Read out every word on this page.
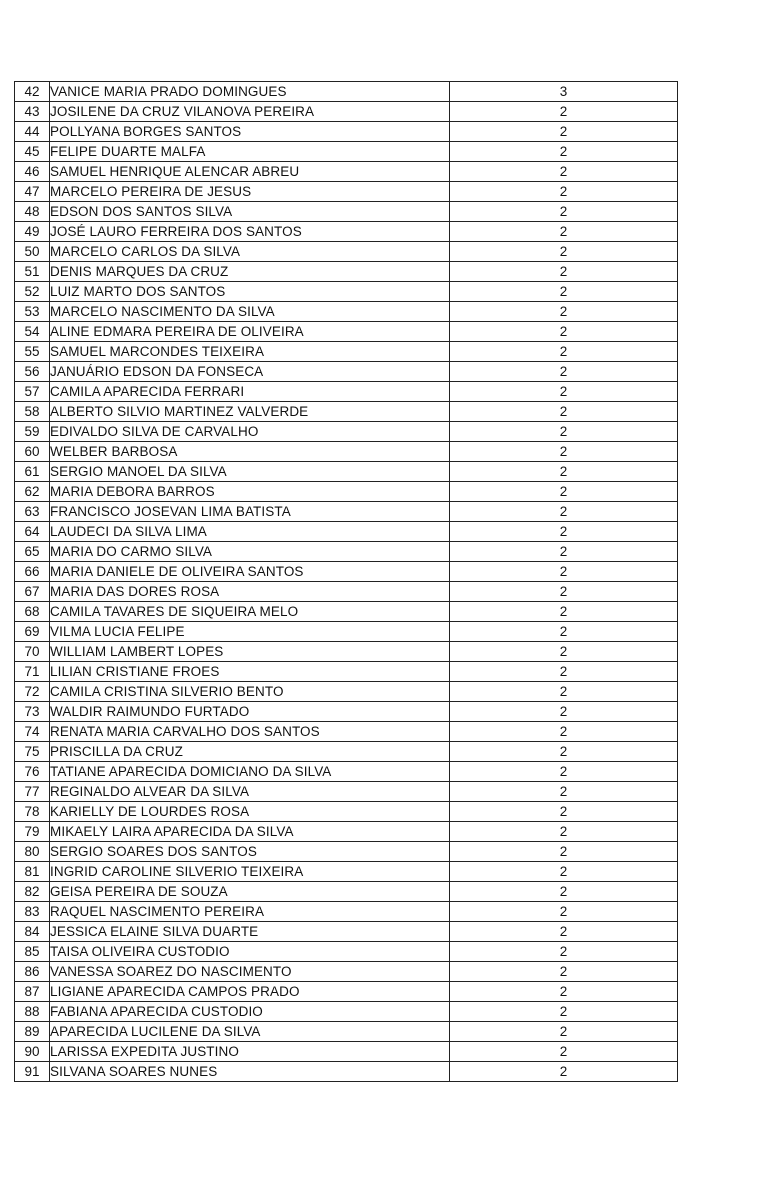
42	VANICE MARIA PRADO DOMINGUES	3
43	JOSILENE DA CRUZ VILANOVA PEREIRA	2
44	POLLYANA BORGES SANTOS	2
45	FELIPE DUARTE MALFA	2
46	SAMUEL HENRIQUE ALENCAR ABREU	2
47	MARCELO PEREIRA DE JESUS	2
48	EDSON DOS SANTOS SILVA	2
49	JOSÉ LAURO FERREIRA DOS SANTOS	2
50	MARCELO CARLOS DA SILVA	2
51	DENIS MARQUES DA CRUZ	2
52	LUIZ MARTO DOS SANTOS	2
53	MARCELO NASCIMENTO DA SILVA	2
54	ALINE EDMARA PEREIRA DE OLIVEIRA	2
55	SAMUEL MARCONDES TEIXEIRA	2
56	JANUÁRIO EDSON DA FONSECA	2
57	CAMILA APARECIDA FERRARI	2
58	ALBERTO SILVIO MARTINEZ VALVERDE	2
59	EDIVALDO SILVA DE CARVALHO	2
60	WELBER BARBOSA	2
61	SERGIO MANOEL DA SILVA	2
62	MARIA DEBORA BARROS	2
63	FRANCISCO JOSEVAN LIMA BATISTA	2
64	LAUDECI DA SILVA LIMA	2
65	MARIA DO CARMO SILVA	2
66	MARIA DANIELE DE OLIVEIRA SANTOS	2
67	MARIA DAS DORES ROSA	2
68	CAMILA TAVARES DE SIQUEIRA MELO	2
69	VILMA LUCIA FELIPE	2
70	WILLIAM LAMBERT LOPES	2
71	LILIAN CRISTIANE FROES	2
72	CAMILA CRISTINA SILVERIO BENTO	2
73	WALDIR RAIMUNDO FURTADO	2
74	RENATA MARIA CARVALHO DOS SANTOS	2
75	PRISCILLA DA CRUZ	2
76	TATIANE APARECIDA DOMICIANO DA SILVA	2
77	REGINALDO ALVEAR DA SILVA	2
78	KARIELLY DE LOURDES ROSA	2
79	MIKAELY LAIRA APARECIDA DA SILVA	2
80	SERGIO SOARES DOS SANTOS	2
81	INGRID CAROLINE SILVERIO TEIXEIRA	2
82	GEISA PEREIRA DE SOUZA	2
83	RAQUEL NASCIMENTO PEREIRA	2
84	JESSICA ELAINE SILVA DUARTE	2
85	TAISA OLIVEIRA CUSTODIO	2
86	VANESSA SOAREZ DO NASCIMENTO	2
87	LIGIANE APARECIDA CAMPOS PRADO	2
88	FABIANA APARECIDA CUSTODIO	2
89	APARECIDA LUCILENE DA SILVA	2
90	LARISSA EXPEDITA JUSTINO	2
91	SILVANA SOARES NUNES	2
